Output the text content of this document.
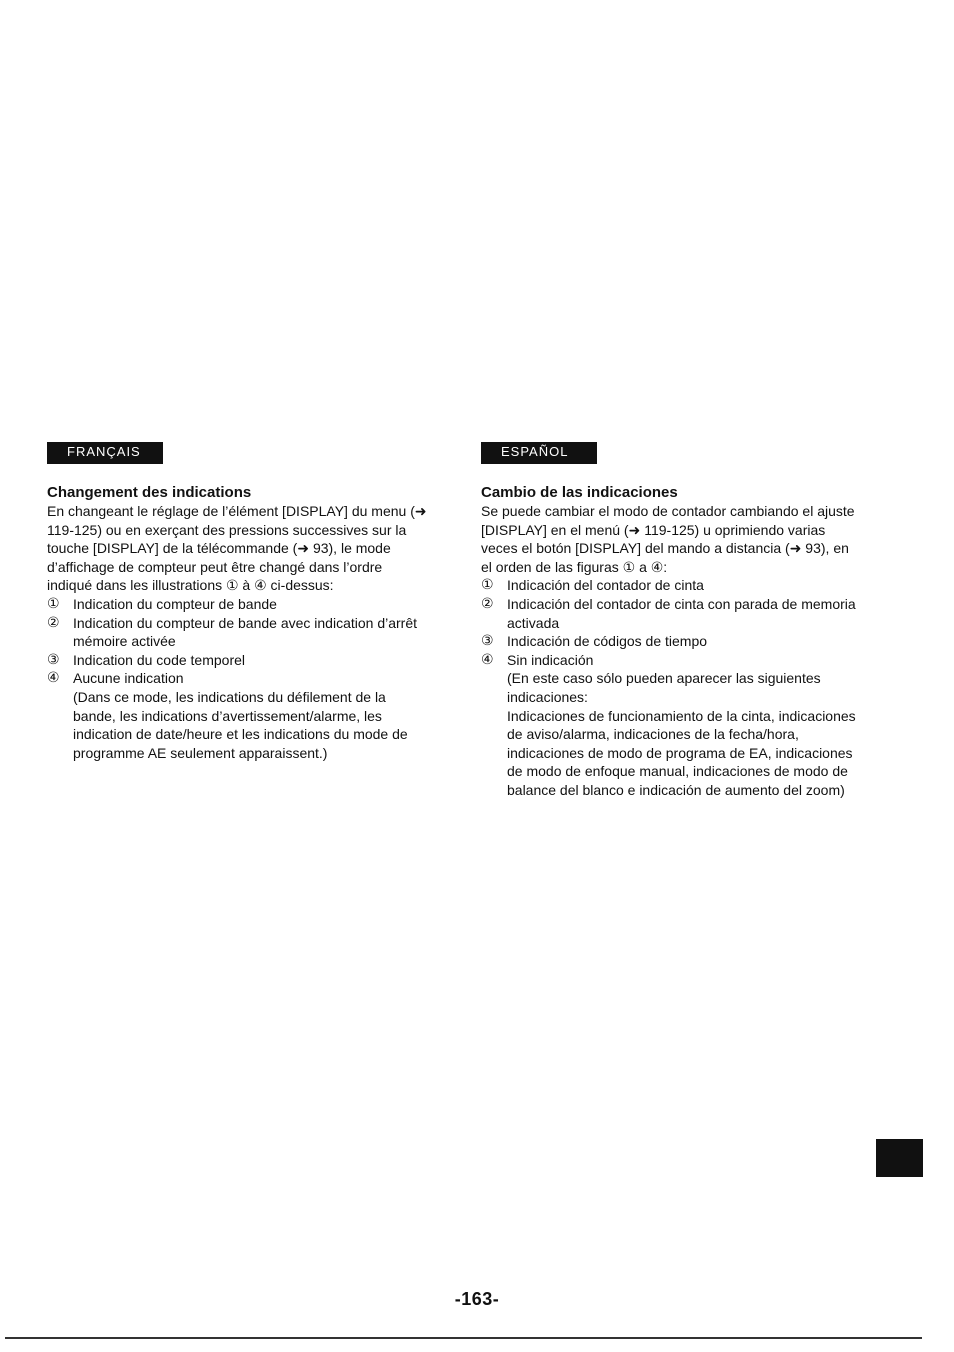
FRANÇAIS
Changement des indications

En changeant le réglage de l’élément [DISPLAY] du menu (➜ 119-125) ou en exerçant des pressions successives sur la touche [DISPLAY] de la télécommande (➜ 93), le mode d’affichage de compteur peut être changé dans l’ordre indiqué dans les illustrations ① à ④ ci-dessus:

① Indication du compteur de bande
② Indication du compteur de bande avec indication d’arrêt mémoire activée
③ Indication du code temporel
④ Aucune indication

(Dans ce mode, les indications du défilement de la bande, les indications d’avertissement/alarme, les indication de date/heure et les indications du mode de programme AE seulement apparaissent.)

ESPAÑOL
Cambio de las indicaciones

Se puede cambiar el modo de contador cambiando el ajuste [DISPLAY] en el menú (➜ 119-125) u oprimiendo varias veces el botón [DISPLAY] del mando a distancia (➜ 93), en el orden de las figuras ① a ④:

① Indicación del contador de cinta
② Indicación del contador de cinta con parada de memoria activada
③ Indicación de códigos de tiempo
④ Sin indicación

(En este caso sólo pueden aparecer las siguientes indicaciones:

Indicaciones de funcionamiento de la cinta, indicaciones de aviso/alarma, indicaciones de la fecha/hora, indicaciones de modo de programa de EA, indicaciones de modo de enfoque manual, indicaciones de modo de balance del blanco e indicación de aumento del zoom)

-163-
